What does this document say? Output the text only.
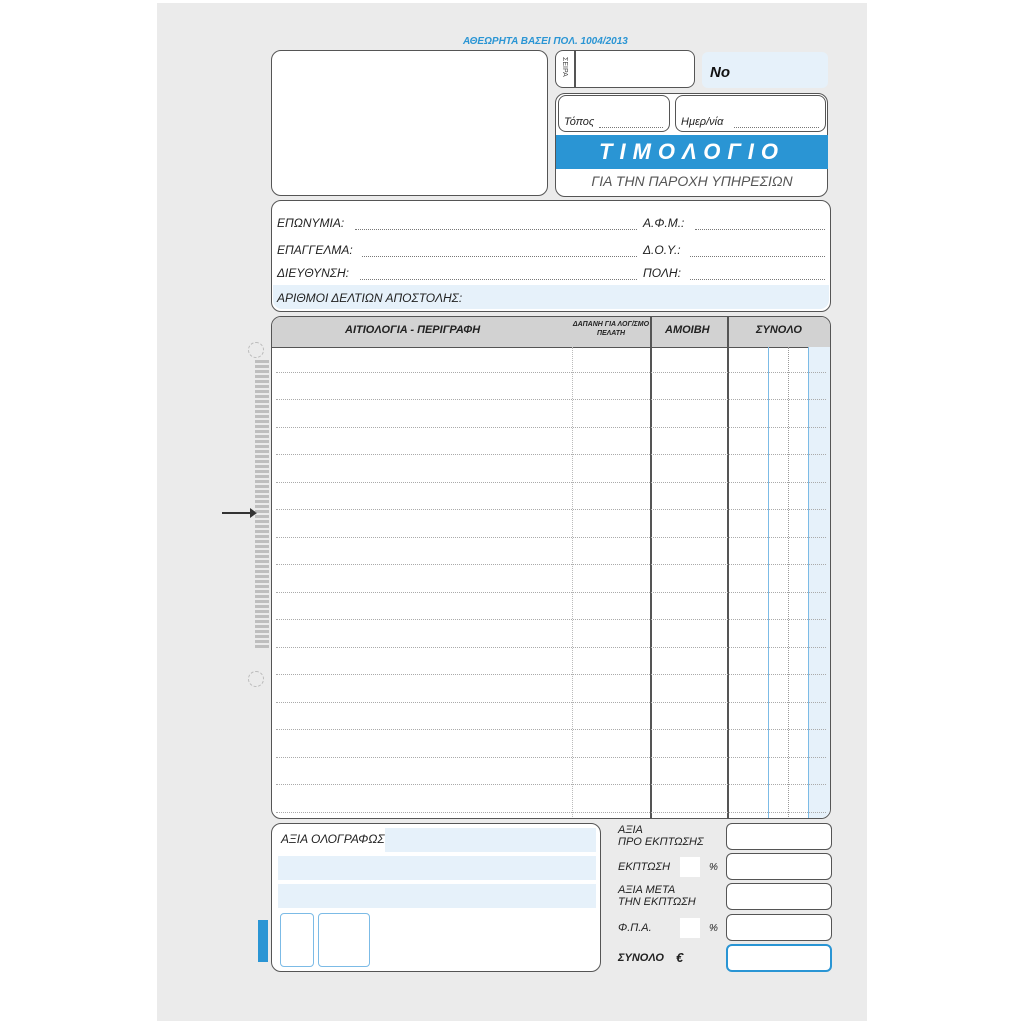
ΑΘΕΩΡΗΤΑ ΒΑΣΕΙ ΠΟΛ. 1004/2013
ΣΕΙΡΑ	No
Τόπος	Ημερ/νία
ΤΙΜΟΛΟΓΙΟ
ΓΙΑ ΤΗΝ ΠΑΡΟΧΗ ΥΠΗΡΕΣΙΩΝ
ΕΠΩΝΥΜΙΑ:	Α.Φ.Μ.:
ΕΠΑΓΓΕΛΜΑ:	Δ.Ο.Υ.:
ΔΙΕΥΘΥΝΣΗ:	ΠΟΛΗ:
ΑΡΙΘΜΟΙ ΔΕΛΤΙΩΝ ΑΠΟΣΤΟΛΗΣ:
ΑΙΤΙΟΛΟΓΙΑ - ΠΕΡΙΓΡΑΦΗ	ΔΑΠΑΝΗ ΓΙΑ ΛΟΓ/ΣΜΟ ΠΕΛΑΤΗ	ΑΜΟΙΒΗ	ΣΥΝΟΛΟ
ΑΞΙΑ ΟΛΟΓΡΑΦΩΣ
ΑΞΙΑ
ΠΡΟ ΕΚΠΤΩΣΗΣ
ΕΚΠΤΩΣΗ	%
ΑΞΙΑ ΜΕΤΑ
ΤΗΝ ΕΚΠΤΩΣΗ
Φ.Π.Α.	%
ΣΥΝΟΛΟ €
